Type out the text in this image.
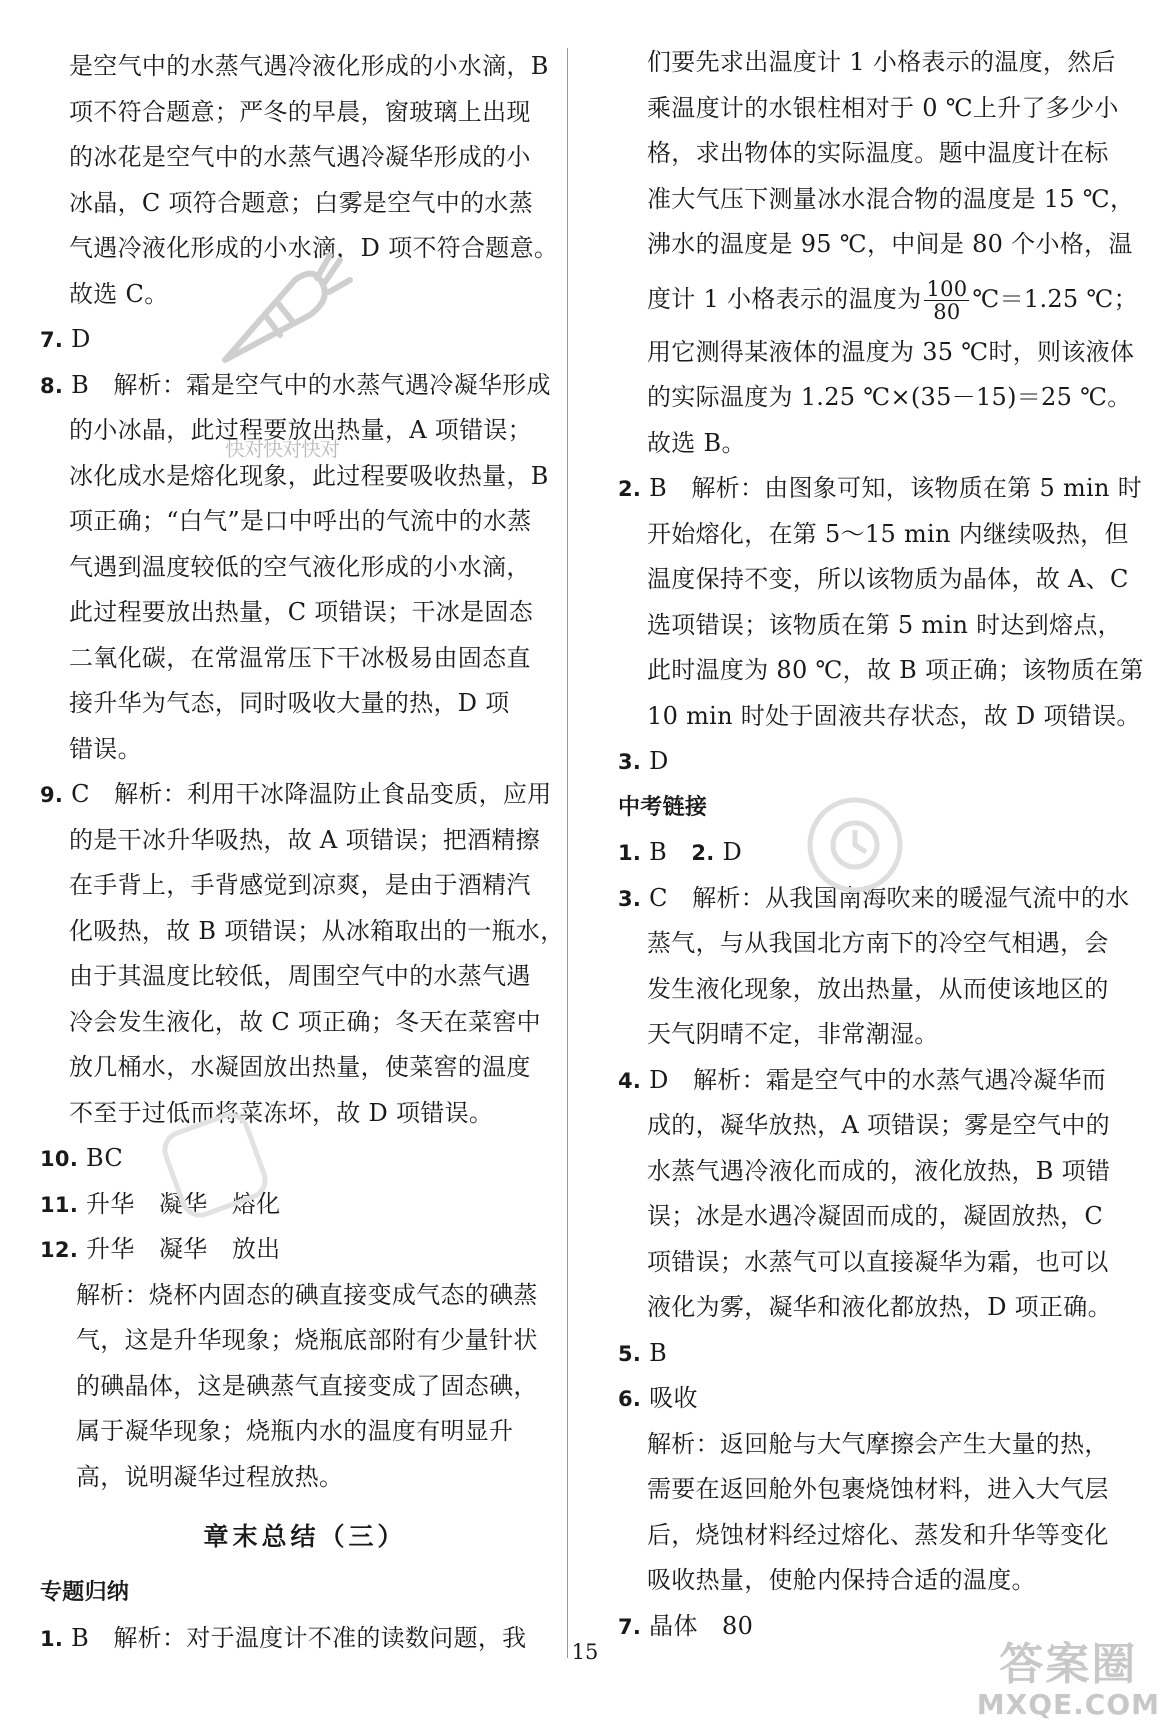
是空气中的水蒸气遇冷液化形成的小水滴，B
项不符合题意；严冬的早晨，窗玻璃上出现
的冰花是空气中的水蒸气遇冷凝华形成的小
冰晶，C 项符合题意；白雾是空气中的水蒸
气遇冷液化形成的小水滴，D 项不符合题意。
故选 C。
7. D
8. B　解析：霜是空气中的水蒸气遇冷凝华形成
的小冰晶，此过程要放出热量，A 项错误；
冰化成水是熔化现象，此过程要吸收热量，B
项正确；“白气”是口中呼出的气流中的水蒸
气遇到温度较低的空气液化形成的小水滴，
此过程要放出热量，C 项错误；干冰是固态
二氧化碳，在常温常压下干冰极易由固态直
接升华为气态，同时吸收大量的热，D 项
错误。
9. C　解析：利用干冰降温防止食品变质，应用
的是干冰升华吸热，故 A 项错误；把酒精擦
在手背上，手背感觉到凉爽，是由于酒精汽
化吸热，故 B 项错误；从冰箱取出的一瓶水，
由于其温度比较低，周围空气中的水蒸气遇
冷会发生液化，故 C 项正确；冬天在菜窖中
放几桶水，水凝固放出热量，使菜窖的温度
不至于过低而将菜冻坏，故 D 项错误。
10. BC
11. 升华　凝华　熔化
12. 升华　凝华　放出
解析：烧杯内固态的碘直接变成气态的碘蒸
气，这是升华现象；烧瓶底部附有少量针状
的碘晶体，这是碘蒸气直接变成了固态碘，
属于凝华现象；烧瓶内水的温度有明显升
高，说明凝华过程放热。
章末总结（三）
专题归纳
1. B　解析：对于温度计不准的读数问题，我
们要先求出温度计 1 小格表示的温度，然后
乘温度计的水银柱相对于 0 ℃上升了多少小
格，求出物体的实际温度。题中温度计在标
准大气压下测量冰水混合物的温度是 15 ℃，
沸水的温度是 95 ℃，中间是 80 个小格，温
度计 1 小格表示的温度为 $\frac{100}{80}$ ℃＝1.25 ℃；
用它测得某液体的温度为 35 ℃时，则该液体
的实际温度为 1.25 ℃×(35－15)＝25 ℃。
故选 B。
2. B　解析：由图象可知，该物质在第 5 min 时
开始熔化，在第 5～15 min 内继续吸热，但
温度保持不变，所以该物质为晶体，故 A、C
选项错误；该物质在第 5 min 时达到熔点，
此时温度为 80 ℃，故 B 项正确；该物质在第
10 min 时处于固液共存状态，故 D 项错误。
3. D
中考链接
1. B　2. D
3. C　解析：从我国南海吹来的暖湿气流中的水
蒸气，与从我国北方南下的冷空气相遇，会
发生液化现象，放出热量，从而使该地区的
天气阴晴不定，非常潮湿。
4. D　解析：霜是空气中的水蒸气遇冷凝华而
成的，凝华放热，A 项错误；雾是空气中的
水蒸气遇冷液化而成的，液化放热，B 项错
误；冰是水遇冷凝固而成的，凝固放热，C
项错误；水蒸气可以直接凝华为霜，也可以
液化为雾，凝华和液化都放热，D 项正确。
5. B
6. 吸收
解析：返回舱与大气摩擦会产生大量的热，
需要在返回舱外包裹烧蚀材料，进入大气层
后，烧蚀材料经过熔化、蒸发和升华等变化
吸收热量，使舱内保持合适的温度。
7. 晶体　80
快对快对快对
15	答案圈
MXQE.COM
